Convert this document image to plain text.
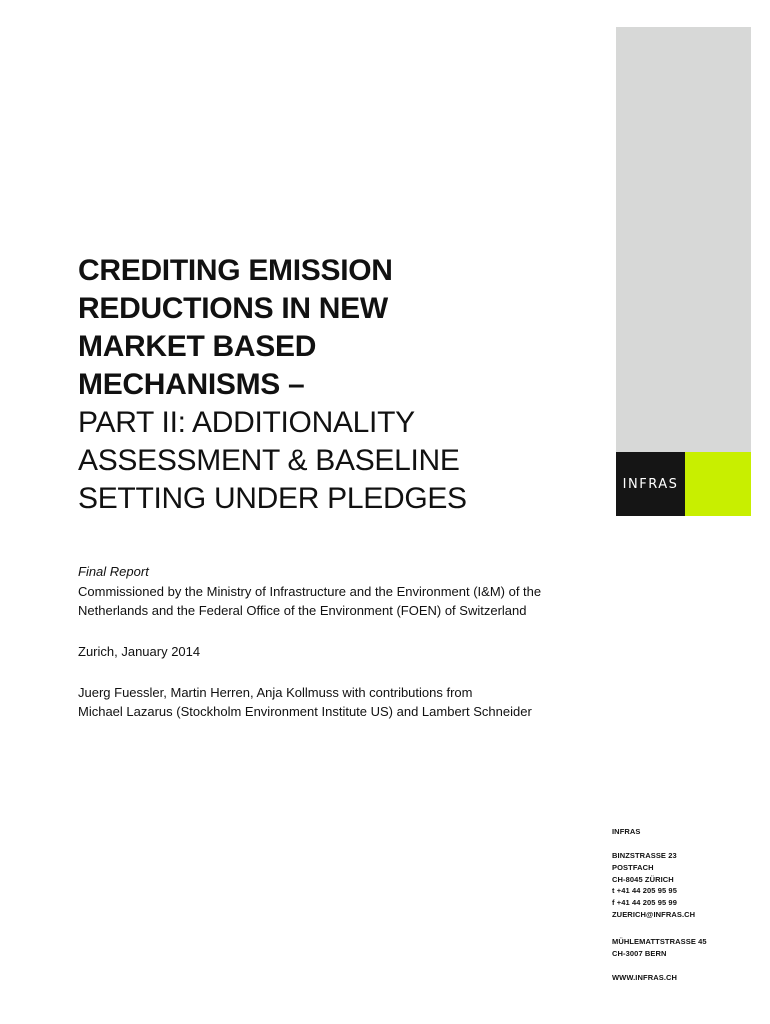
INFRAS
CREDITING EMISSION
REDUCTIONS IN NEW
MARKET BASED
MECHANISMS –
PART II: ADDITIONALITY
ASSESSMENT & BASELINE
SETTING UNDER PLEDGES
Final Report
Commissioned by the Ministry of Infrastructure and the Environment (I&M) of the
Netherlands and the Federal Office of the Environment (FOEN) of Switzerland
Zurich, January 2014
Juerg Fuessler, Martin Herren, Anja Kollmuss with contributions from
Michael Lazarus (Stockholm Environment Institute US) and Lambert Schneider
INFRAS
BINZSTRASSE 23
POSTFACH
CH-8045 ZÜRICH
t +41 44 205 95 95
f +41 44 205 95 99
ZUERICH@INFRAS.CH
MÜHLEMATTSTRASSE 45
CH-3007 BERN
WWW.INFRAS.CH
